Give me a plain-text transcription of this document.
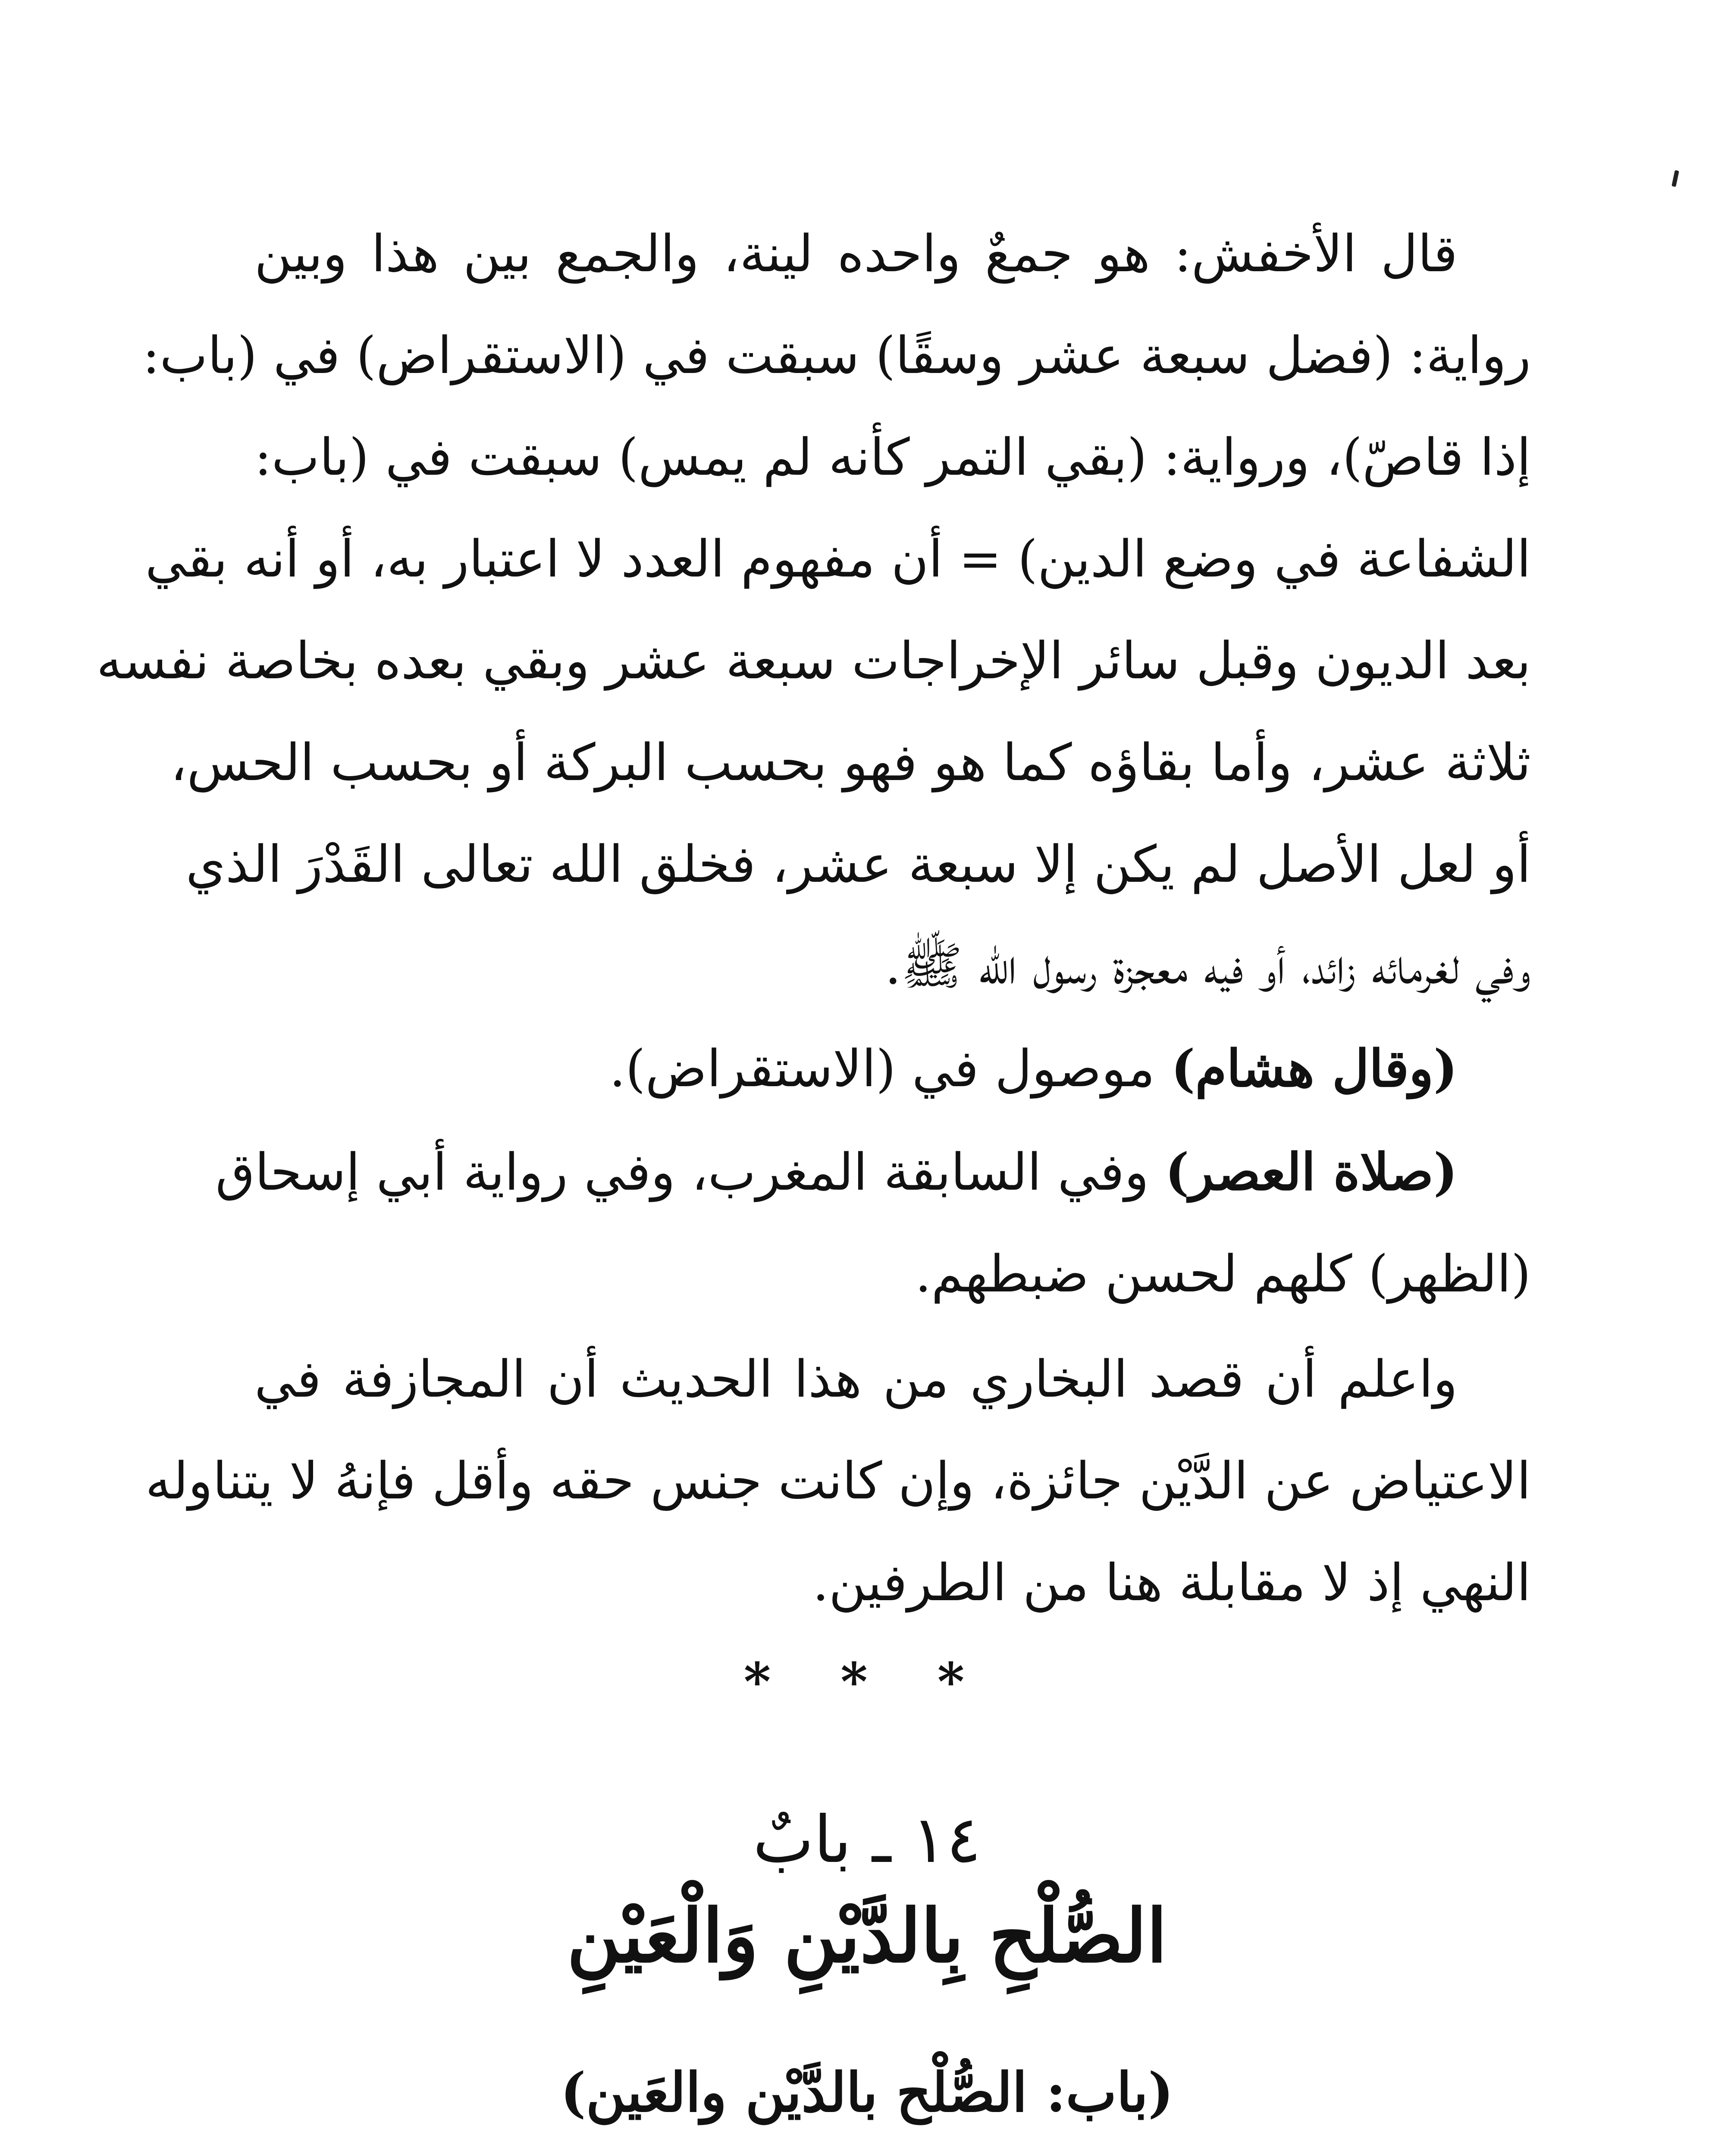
قال الأخفش: هو جمعٌ واحده لينة، والجمع بين هذا وبين
رواية: (فضل سبعة عشر وسقًا) سبقت في (الاستقراض) في (باب:
إذا قاصّ)، ورواية: (بقي التمر كأنه لم يمس) سبقت في (باب:
الشفاعة في وضع الدين) = أن مفهوم العدد لا اعتبار به، أو أنه بقي
بعد الديون وقبل سائر الإخراجات سبعة عشر وبقي بعده بخاصة نفسه
ثلاثة عشر، وأما بقاؤه كما هو فهو بحسب البركة أو بحسب الحس،
أو لعل الأصل لم يكن إلا سبعة عشر، فخلق الله تعالى القَدْرَ الذي
وفي لغرمائه زائد، أو فيه معجزة رسول الله ﷺ.
(وقال هشام) موصول في (الاستقراض).
(صلاة العصر) وفي السابقة المغرب، وفي رواية أبي إسحاق
(الظهر) كلهم لحسن ضبطهم.
واعلم أن قصد البخاري من هذا الحديث أن المجازفة في
الاعتياض عن الدَّيْن جائزة، وإن كانت جنس حقه وأقل فإنهُ لا يتناوله
النهي إذ لا مقابلة هنا من الطرفين.
* * *
١٤ ـ بابٌ
الصُّلْحِ بِالدَّيْنِ وَالْعَيْنِ
(باب: الصُّلْح بالدَّيْن والعَين)
